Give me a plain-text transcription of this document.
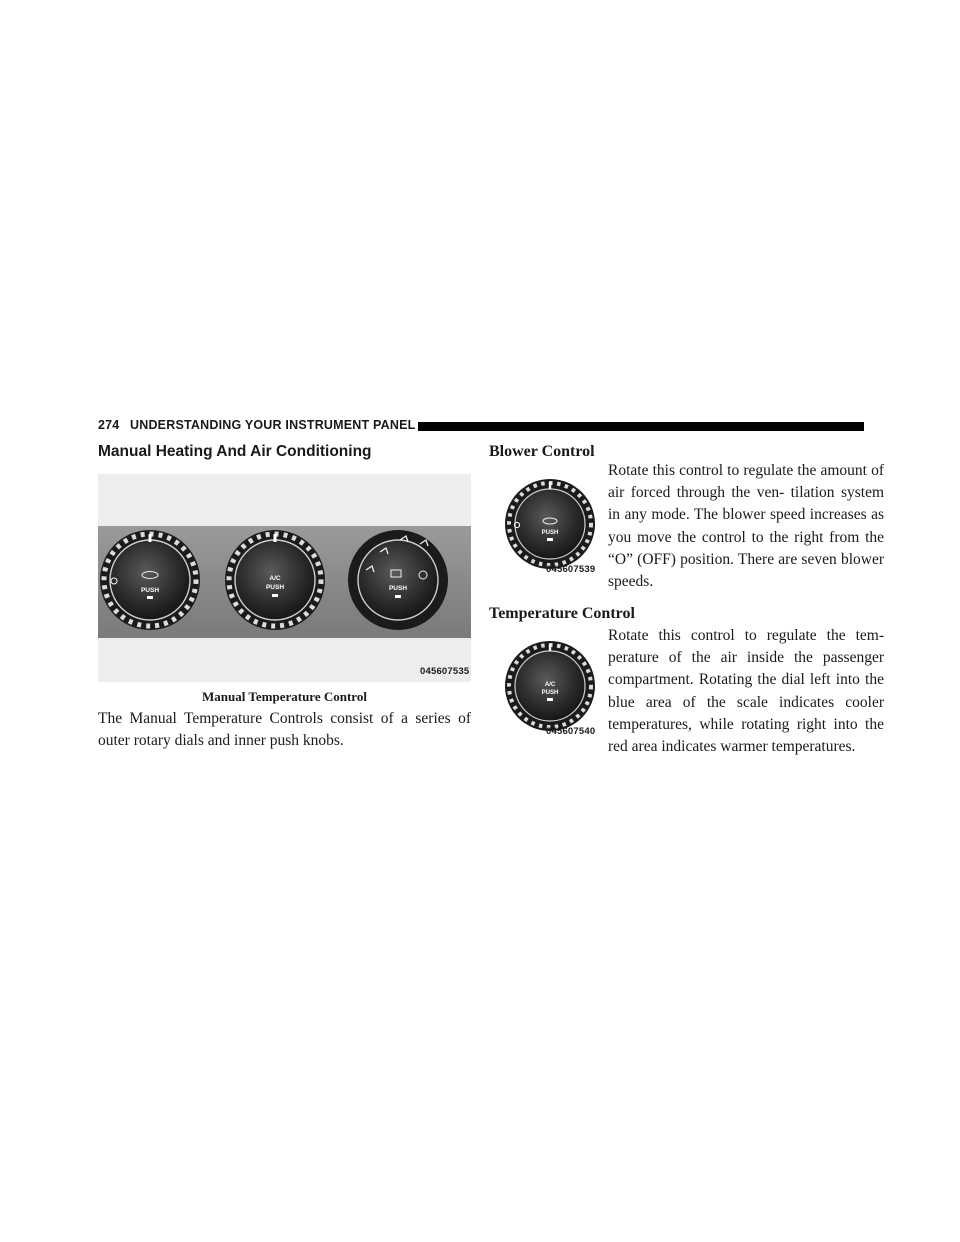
274 UNDERSTANDING YOUR INSTRUMENT PANEL
Manual Heating And Air Conditioning
PUSH
A/C
PUSH	PUSH
045607535
Manual Temperature Control
The Manual Temperature Controls consist of a series of outer rotary dials and inner push knobs.
Blower Control
PUSH
045607539
Rotate this control to regulate the amount of air forced through the ven- tilation system in any mode. The blower speed increases as you move the control to the right from the “O” (OFF) position. There are seven blower speeds.
Temperature Control
A/C
PUSH
045607540
Rotate this control to regulate the tem- perature of the air inside the passenger compartment. Rotating the dial left into the blue area of the scale indicates cooler temperatures, while rotating right into the red area indicates warmer temperatures.
